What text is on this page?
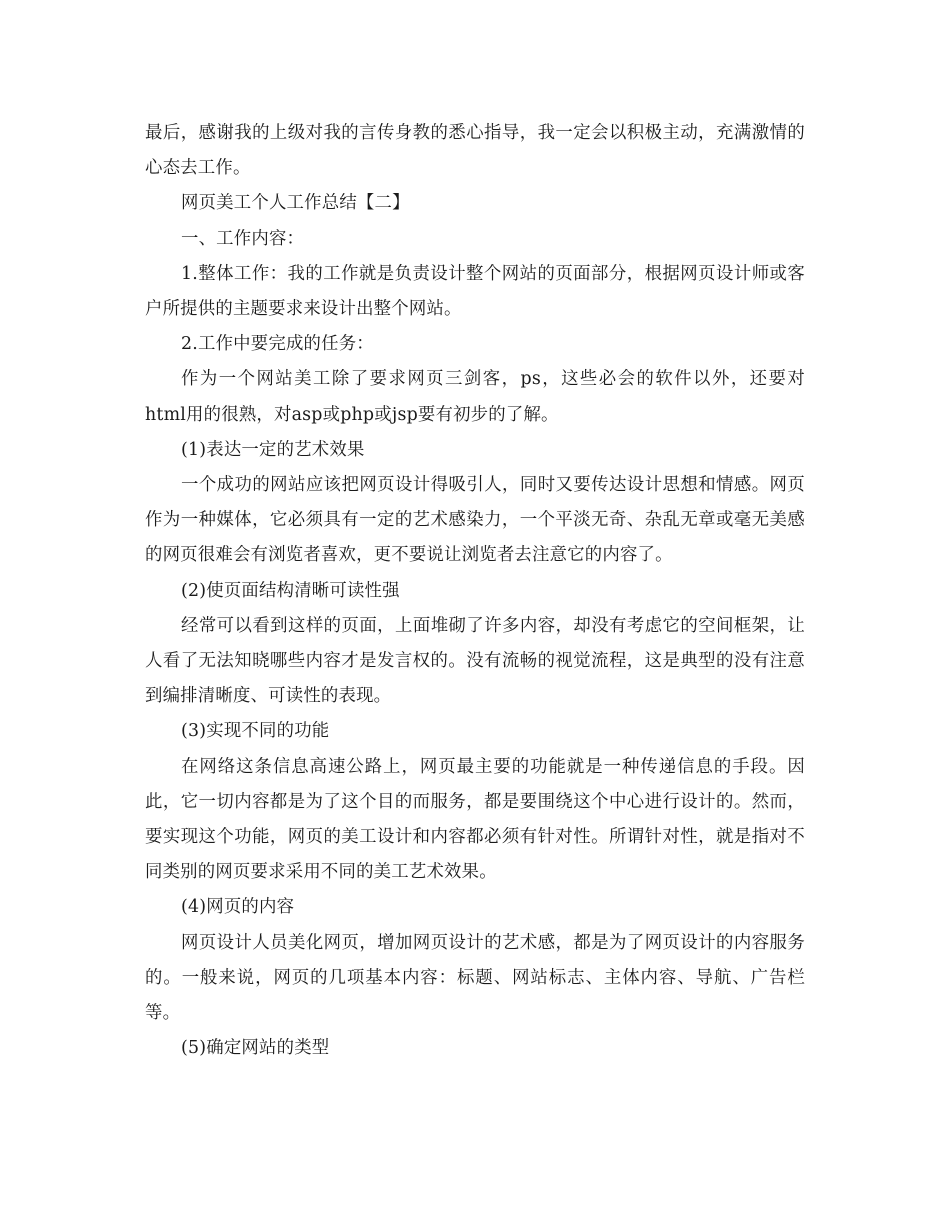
最后，感谢我的上级对我的言传身教的悉心指导，我一定会以积极主动，充满激情的心态去工作。

网页美工个人工作总结【二】

一、工作内容：

1.整体工作：我的工作就是负责设计整个网站的页面部分，根据网页设计师或客户所提供的主题要求来设计出整个网站。

2.工作中要完成的任务：

作为一个网站美工除了要求网页三剑客，ps，这些必会的软件以外，还要对html用的很熟，对asp或php或jsp要有初步的了解。

(1)表达一定的艺术效果

一个成功的网站应该把网页设计得吸引人，同时又要传达设计思想和情感。网页作为一种媒体，它必须具有一定的艺术感染力，一个平淡无奇、杂乱无章或毫无美感的网页很难会有浏览者喜欢，更不要说让浏览者去注意它的内容了。

(2)使页面结构清晰可读性强

经常可以看到这样的页面，上面堆砌了许多内容，却没有考虑它的空间框架，让人看了无法知晓哪些内容才是发言权的。没有流畅的视觉流程，这是典型的没有注意到编排清晰度、可读性的表现。

(3)实现不同的功能

在网络这条信息高速公路上，网页最主要的功能就是一种传递信息的手段。因此，它一切内容都是为了这个目的而服务，都是要围绕这个中心进行设计的。然而，要实现这个功能，网页的美工设计和内容都必须有针对性。所谓针对性，就是指对不同类别的网页要求采用不同的美工艺术效果。

(4)网页的内容

网页设计人员美化网页，增加网页设计的艺术感，都是为了网页设计的内容服务的。一般来说，网页的几项基本内容：标题、网站标志、主体内容、导航、广告栏等。

(5)确定网站的类型
